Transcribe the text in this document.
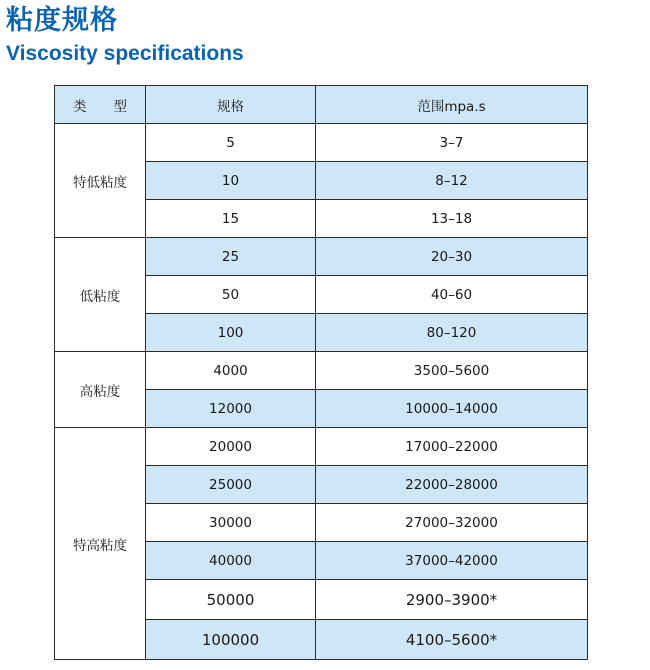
粘度规格
Viscosity specifications
类　　型	规格	范围mpa.s
特低粘度	5	3–7
	10	8–12
	15	13–18
低粘度	25	20–30
	50	40–60
	100	80–120
高粘度	4000	3500–5600
	12000	10000–14000
特高粘度	20000	17000–22000
	25000	22000–28000
	30000	27000–32000
	40000	37000–42000
	50000	2900–3900*
	100000	4100–5600*
